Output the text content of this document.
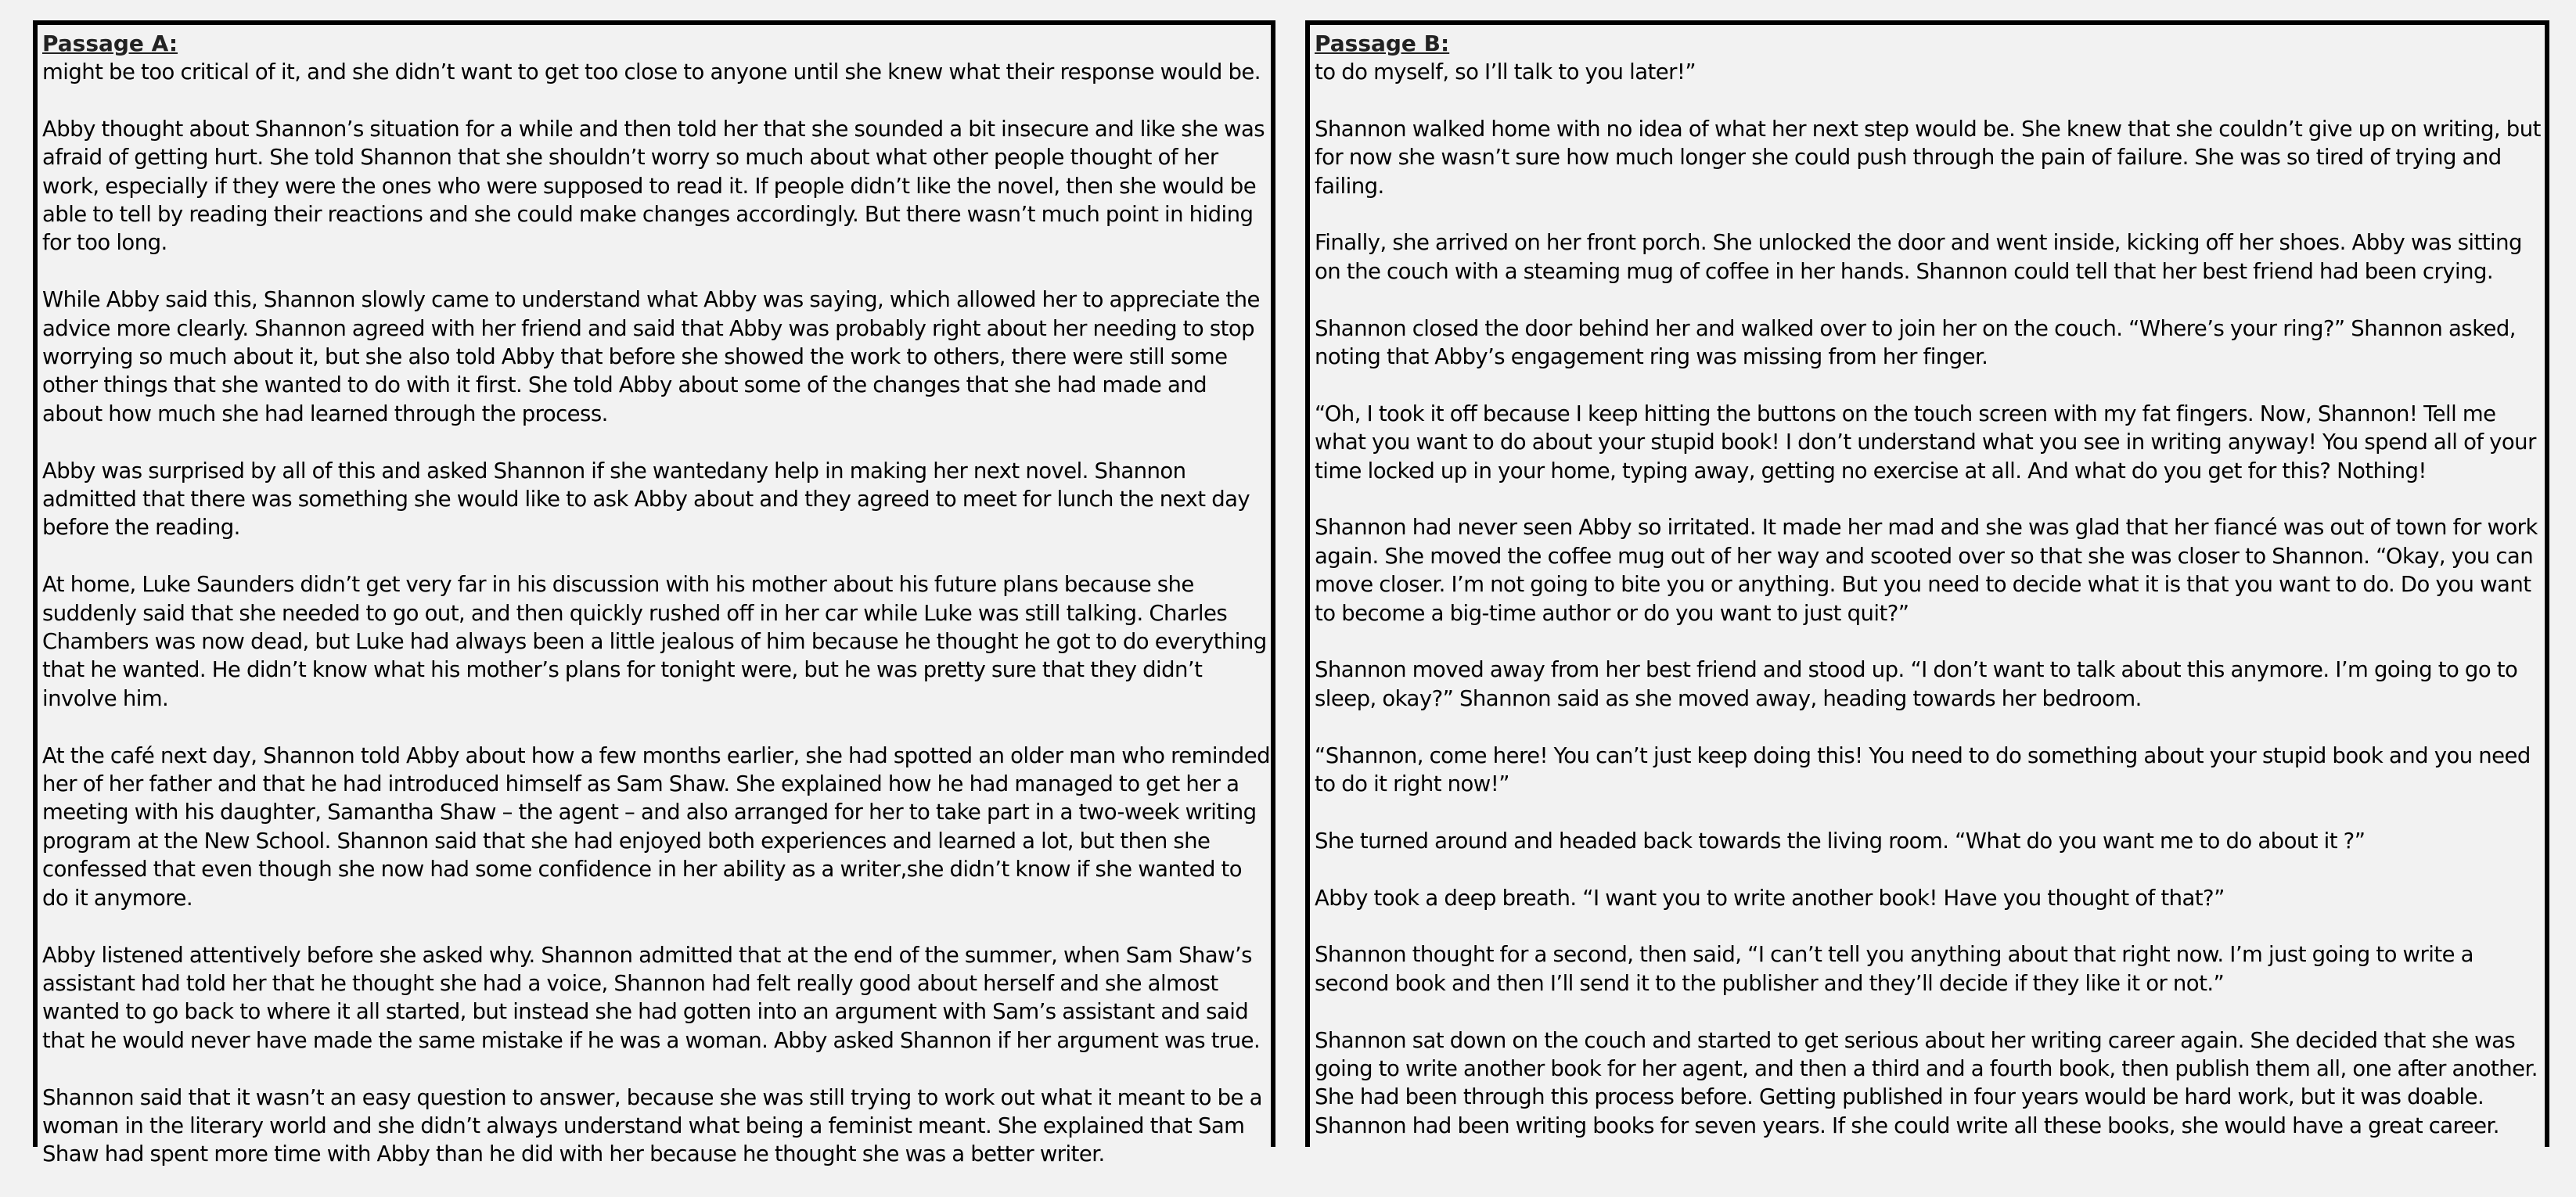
Passage A:

might be too critical of it, and she didn’t want to get too close to anyone until she knew what their response would be.

Abby thought about Shannon’s situation for a while and then told her that she sounded a bit insecure and like she was afraid of getting hurt. She told Shannon that she shouldn’t worry so much about what other people thought of her work, especially if they were the ones who were supposed to read it. If people didn’t like the novel, then she would be able to tell by reading their reactions and she could make changes accordingly. But there wasn’t much point in hiding for too long.

While Abby said this, Shannon slowly came to understand what Abby was saying, which allowed her to appreciate the advice more clearly. Shannon agreed with her friend and said that Abby was probably right about her needing to stop worrying so much about it, but she also told Abby that before she showed the work to others, there were still some other things that she wanted to do with it first. She told Abby about some of the changes that she had made and about how much she had learned through the process.

Abby was surprised by all of this and asked Shannon if she wantedany help in making her next novel. Shannon admitted that there was something she would like to ask Abby about and they agreed to meet for lunch the next day before the reading.

At home, Luke Saunders didn’t get very far in his discussion with his mother about his future plans because she suddenly said that she needed to go out, and then quickly rushed off in her car while Luke was still talking. Charles Chambers was now dead, but Luke had always been a little jealous of him because he thought he got to do everything that he wanted. He didn’t know what his mother’s plans for tonight were, but he was pretty sure that they didn’t involve him.

At the café next day, Shannon told Abby about how a few months earlier, she had spotted an older man who reminded her of her father and that he had introduced himself as Sam Shaw. She explained how he had managed to get her a meeting with his daughter, Samantha Shaw – the agent – and also arranged for her to take part in a two-week writing program at the New School. Shannon said that she had enjoyed both experiences and learned a lot, but then she confessed that even though she now had some confidence in her ability as a writer,she didn’t know if she wanted to do it anymore.

Abby listened attentively before she asked why. Shannon admitted that at the end of the summer, when Sam Shaw’s assistant had told her that he thought she had a voice, Shannon had felt really good about herself and she almost wanted to go back to where it all started, but instead she had gotten into an argument with Sam’s assistant and said that he would never have made the same mistake if he was a woman. Abby asked Shannon if her argument was true.

Shannon said that it wasn’t an easy question to answer, because she was still trying to work out what it meant to be a woman in the literary world and she didn’t always understand what being a feminist meant. She explained that Sam Shaw had spent more time with Abby than he did with her because he thought she was a better writer.

Passage B:

to do myself, so I’ll talk to you later!”

Shannon walked home with no idea of what her next step would be. She knew that she couldn’t give up on writing, but for now she wasn’t sure how much longer she could push through the pain of failure. She was so tired of trying and failing.

Finally, she arrived on her front porch. She unlocked the door and went inside, kicking off her shoes. Abby was sitting on the couch with a steaming mug of coffee in her hands. Shannon could tell that her best friend had been crying.

Shannon closed the door behind her and walked over to join her on the couch. “Where’s your ring?” Shannon asked, noting that Abby’s engagement ring was missing from her finger.

“Oh, I took it off because I keep hitting the buttons on the touch screen with my fat fingers. Now, Shannon! Tell me what you want to do about your stupid book! I don’t understand what you see in writing anyway! You spend all of your time locked up in your home, typing away, getting no exercise at all. And what do you get for this? Nothing!

Shannon had never seen Abby so irritated. It made her mad and she was glad that her fiancé was out of town for work again. She moved the coffee mug out of her way and scooted over so that she was closer to Shannon. “Okay, you can move closer. I’m not going to bite you or anything. But you need to decide what it is that you want to do. Do you want to become a big-time author or do you want to just quit?”

Shannon moved away from her best friend and stood up. “I don’t want to talk about this anymore. I’m going to go to sleep, okay?” Shannon said as she moved away, heading towards her bedroom.

“Shannon, come here! You can’t just keep doing this! You need to do something about your stupid book and you need to do it right now!”

She turned around and headed back towards the living room. “What do you want me to do about it ?”

Abby took a deep breath. “I want you to write another book! Have you thought of that?”

Shannon thought for a second, then said, “I can’t tell you anything about that right now. I’m just going to write a second book and then I’ll send it to the publisher and they’ll decide if they like it or not.”

Shannon sat down on the couch and started to get serious about her writing career again. She decided that she was going to write another book for her agent, and then a third and a fourth book, then publish them all, one after another. She had been through this process before. Getting published in four years would be hard work, but it was doable. Shannon had been writing books for seven years. If she could write all these books, she would have a great career.
